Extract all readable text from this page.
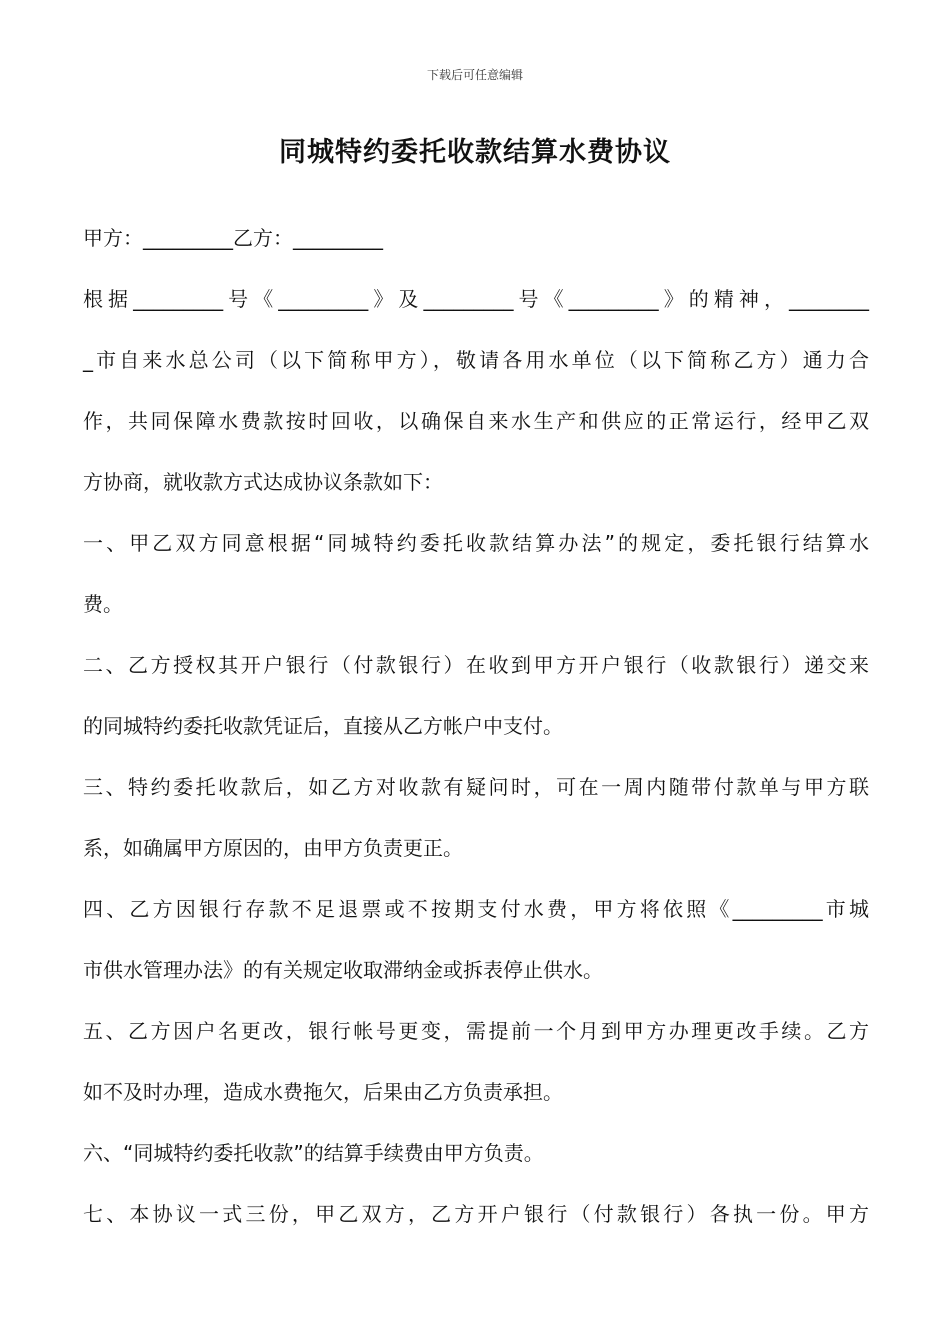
下载后可任意编辑
同城特约委托收款结算水费协议
甲方：_________乙方：_________
根据_________号《_________》及_________号《_________》的精神，________
_市自来水总公司（以下简称甲方），敬请各用水单位（以下简称乙方）通力合
作，共同保障水费款按时回收，以确保自来水生产和供应的正常运行，经甲乙双
方协商，就收款方式达成协议条款如下：
一、甲乙双方同意根据“同城特约委托收款结算办法”的规定，委托银行结算水
费。
二、乙方授权其开户银行（付款银行）在收到甲方开户银行（收款银行）递交来
的同城特约委托收款凭证后，直接从乙方帐户中支付。
三、特约委托收款后，如乙方对收款有疑问时，可在一周内随带付款单与甲方联
系，如确属甲方原因的，由甲方负责更正。
四、乙方因银行存款不足退票或不按期支付水费，甲方将依照《_________市城
市供水管理办法》的有关规定收取滞纳金或拆表停止供水。
五、乙方因户名更改，银行帐号更变，需提前一个月到甲方办理更改手续。乙方
如不及时办理，造成水费拖欠，后果由乙方负责承担。
六、“同城特约委托收款”的结算手续费由甲方负责。
七、本协议一式三份，甲乙双方，乙方开户银行（付款银行）各执一份。甲方
